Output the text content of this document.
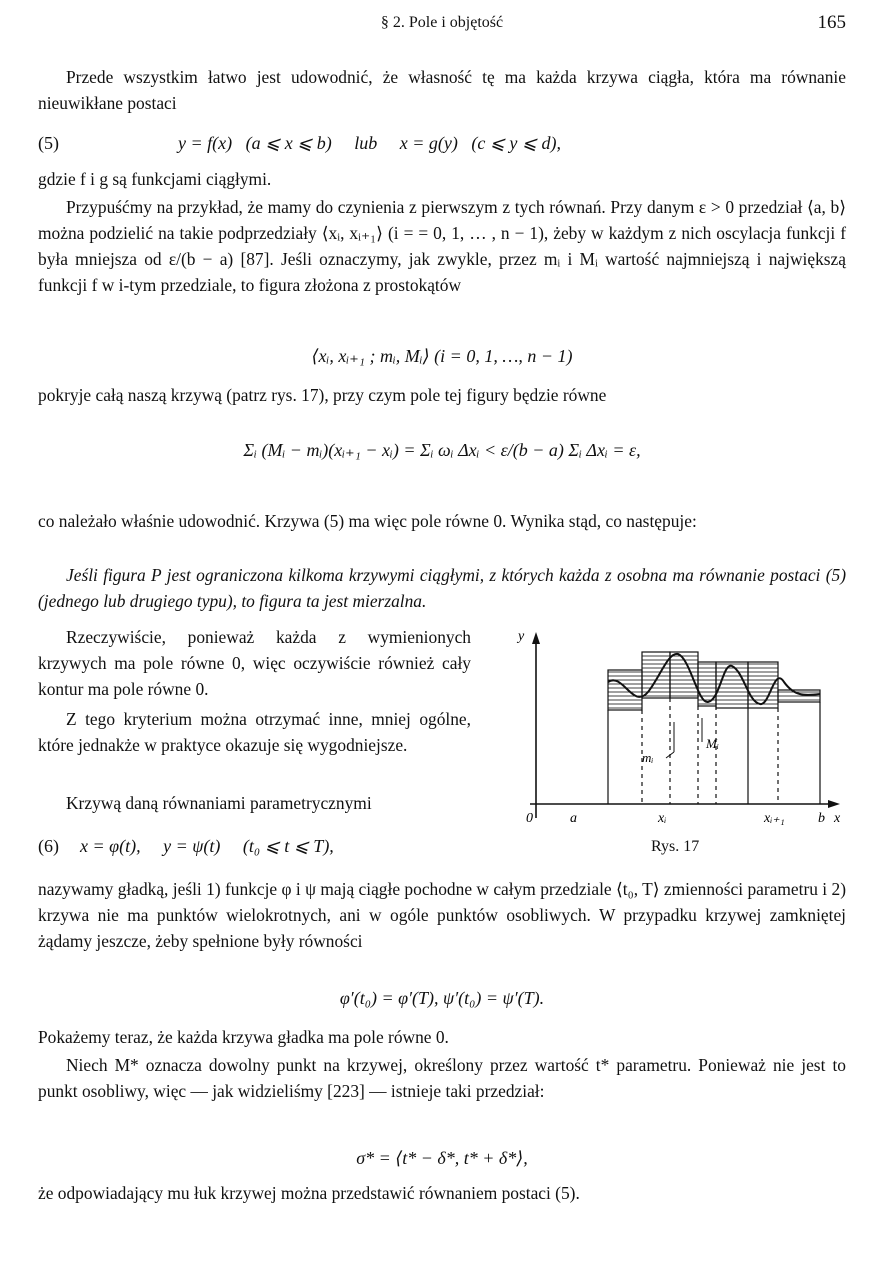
§ 2. Pole i objętość	165

Przede wszystkim łatwo jest udowodnić, że własność tę ma każda krzywa ciągła, która ma równanie nieuwikłane postaci

(5)	y = f(x)   (a ⩽ x ⩽ b)     lub     x = g(y)   (c ⩽ y ⩽ d),

gdzie f i g są funkcjami ciągłymi.

Przypuśćmy na przykład, że mamy do czynienia z pierwszym z tych równań. Przy danym ε > 0 przedział ⟨a, b⟩ można podzielić na takie podprzedziały ⟨xᵢ, xᵢ₊₁⟩ (i = = 0, 1, … , n − 1), żeby w każdym z nich oscylacja funkcji f była mniejsza od ε/(b − a) [87]. Jeśli oznaczymy, jak zwykle, przez mᵢ i Mᵢ wartość najmniejszą i największą funkcji f w i-tym przedziale, to figura złożona z prostokątów

⟨xᵢ, xᵢ₊₁ ; mᵢ, Mᵢ⟩ (i = 0, 1, …, n − 1)

pokryje całą naszą krzywą (patrz rys. 17), przy czym pole tej figury będzie równe

Σᵢ (Mᵢ − mᵢ)(xᵢ₊₁ − xᵢ) = Σᵢ ωᵢ Δxᵢ < ε/(b − a) Σᵢ Δxᵢ = ε,

co należało właśnie udowodnić. Krzywa (5) ma więc pole równe 0. Wynika stąd, co następuje:

Jeśli figura P jest ograniczona kilkoma krzywymi ciągłymi, z których każda z osobna ma równanie postaci (5) (jednego lub drugiego typu), to figura ta jest mierzalna.

Rzeczywiście, ponieważ każda z wymienionych krzywych ma pole równe 0, więc oczywiście również cały kontur ma pole równe 0.

Z tego kryterium można otrzymać inne, mniej ogólne, które jednakże w praktyce okazuje się wygodniejsze.

Krzywą daną równaniami parametrycznymi

(6) x = φ(t),     y = ψ(t)     (t₀ ⩽ t ⩽ T),
y
0	a	xᵢ	xᵢ₊₁ b x
mᵢ
Mᵢ
Rys. 17

nazywamy gładką, jeśli 1) funkcje φ i ψ mają ciągłe pochodne w całym przedziale ⟨t₀, T⟩ zmienności parametru i 2) krzywa nie ma punktów wielokrotnych, ani w ogóle punktów osobliwych. W przypadku krzywej zamkniętej żądamy jeszcze, żeby spełnione były równości

φ′(t₀) = φ′(T), ψ′(t₀) = ψ′(T).

Pokażemy teraz, że każda krzywa gładka ma pole równe 0.

Niech M* oznacza dowolny punkt na krzywej, określony przez wartość t* parametru. Ponieważ nie jest to punkt osobliwy, więc — jak widzieliśmy [223] — istnieje taki przedział:

σ* = ⟨t* − δ*, t* + δ*⟩,

że odpowiadający mu łuk krzywej można przedstawić równaniem postaci (5).
